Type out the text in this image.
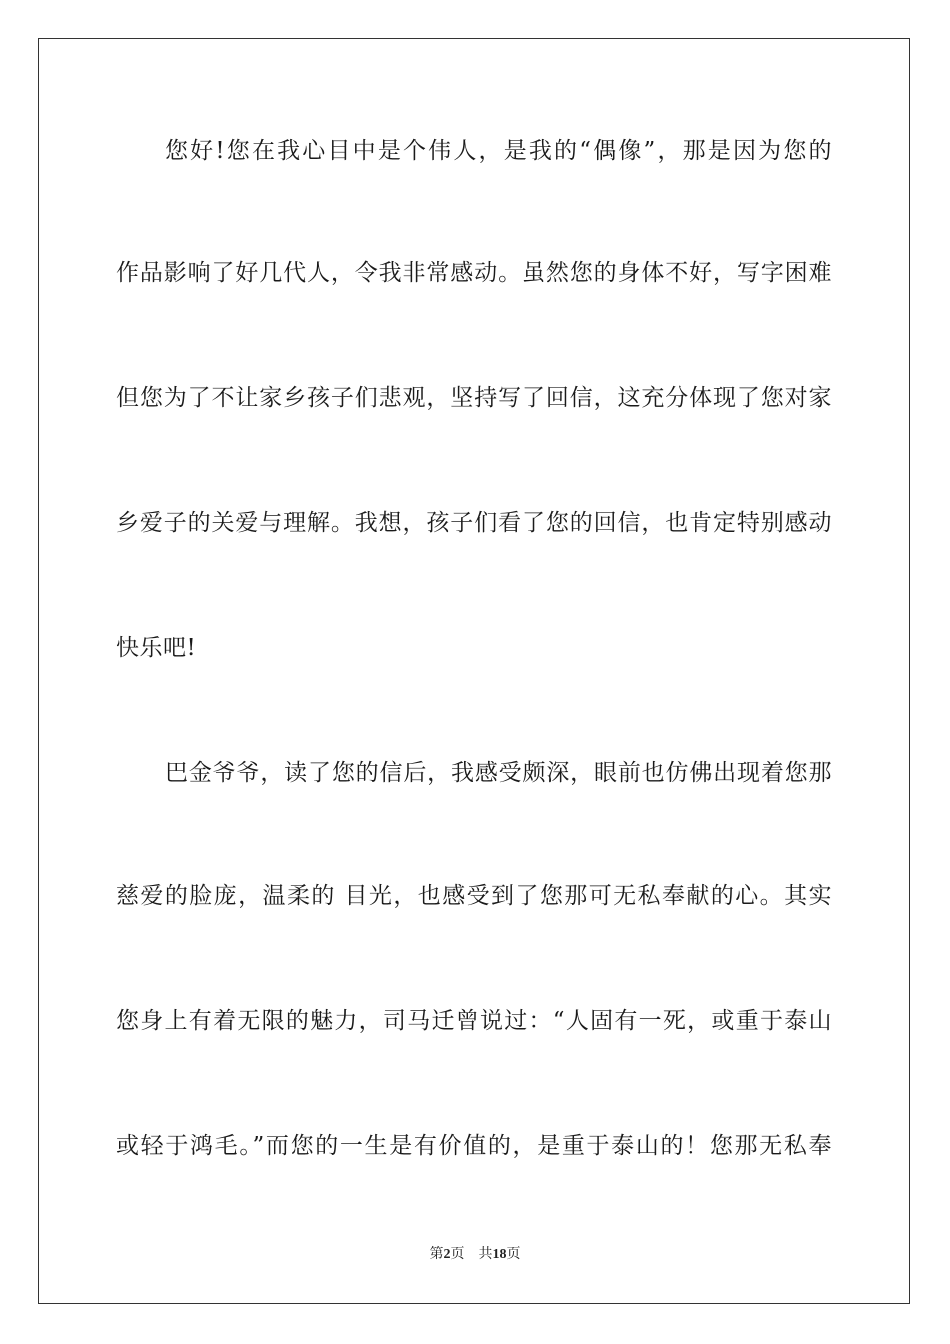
您好!您在我心目中是个伟人，是我的“偶像”，那是因为您的
作品影响了好几代人，令我非常感动。虽然您的身体不好，写字困难
但您为了不让家乡孩子们悲观，坚持写了回信，这充分体现了您对家
乡爱子的关爱与理解。我想，孩子们看了您的回信，也肯定特别感动
快乐吧!
巴金爷爷，读了您的信后，我感受颇深，眼前也仿佛出现着您那
慈爱的脸庞，温柔的 目光，也感受到了您那可无私奉献的心。其实
您身上有着无限的魅力，司马迁曾说过：“人固有一死，或重于泰山
或轻于鸿毛。”而您的一生是有价值的，是重于泰山的！您那无私奉
第2页 共18页
